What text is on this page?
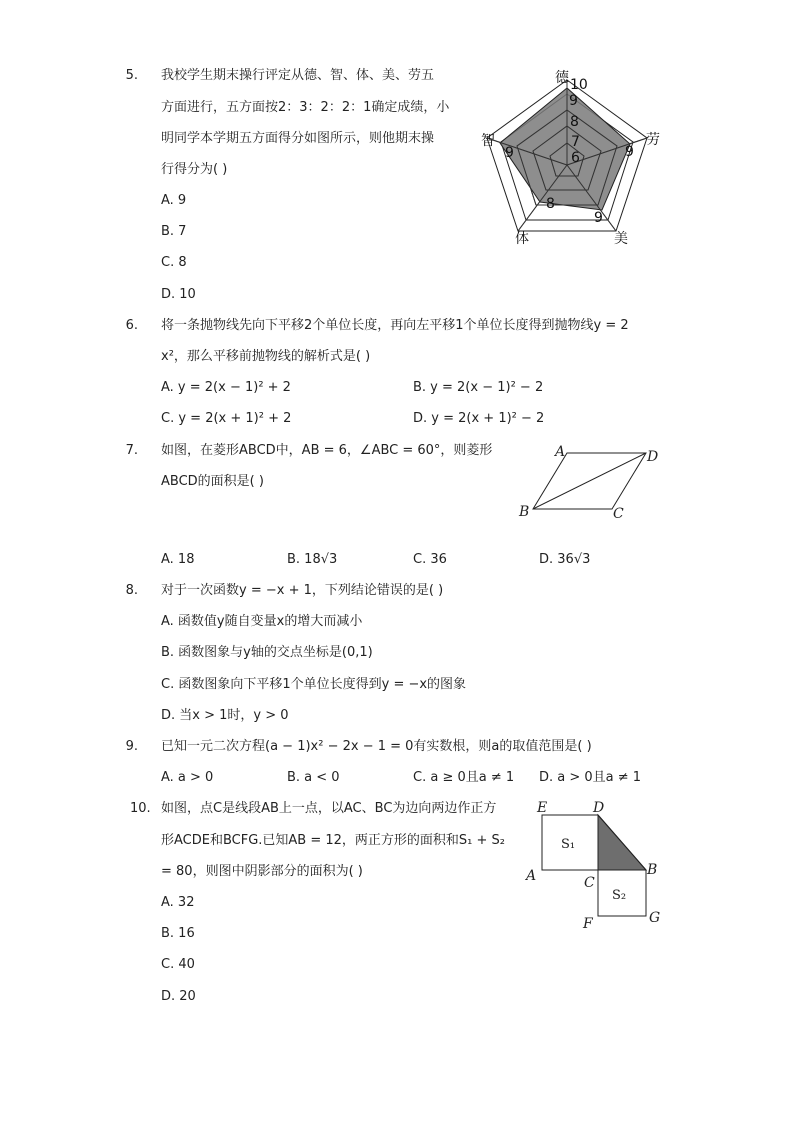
5. 我校学生期末操行评定从德、智、体、美、劳五
方面进行，五方面按2：3：2：2：1确定成绩，小
明同学本学期五方面得分如图所示，则他期末操
行得分为( )
A. 9
B. 7
C. 8
D. 10
10
9
8
7
6
德
劳
美
体
智
9
9
8
9
6. 将一条抛物线先向下平移2个单位长度，再向左平移1个单位长度得到抛物线y = 2
x²，那么平移前抛物线的解析式是( )
A. y = 2(x − 1)² + 2	B. y = 2(x − 1)² − 2
C. y = 2(x + 1)² + 2	D. y = 2(x + 1)² − 2
7. 如图，在菱形ABCD中，AB = 6，∠ABC = 60°，则菱形
ABCD的面积是( )
A	D
B	C
A. 18	B. 18√3	C. 36	D. 36√3
8. 对于一次函数y = −x + 1，下列结论错误的是( )
A. 函数值y随自变量x的增大而减小
B. 函数图象与y轴的交点坐标是(0,1)
C. 函数图象向下平移1个单位长度得到y = −x的图象
D. 当x > 1时，y > 0
9. 已知一元二次方程(a − 1)x² − 2x − 1 = 0有实数根，则a的取值范围是( )
A. a > 0	B. a < 0	C. a ≥ 0且a ≠ 1 D. a > 0且a ≠ 1
10. 如图，点C是线段AB上一点，以AC、BC为边向两边作正方
形ACDE和BCFG.已知AB = 12，两正方形的面积和S₁ + S₂
= 80，则图中阴影部分的面积为( )
A. 32
B. 16
C. 40
D. 20
E	D
A	C
B
F	G
S₁
S₂
